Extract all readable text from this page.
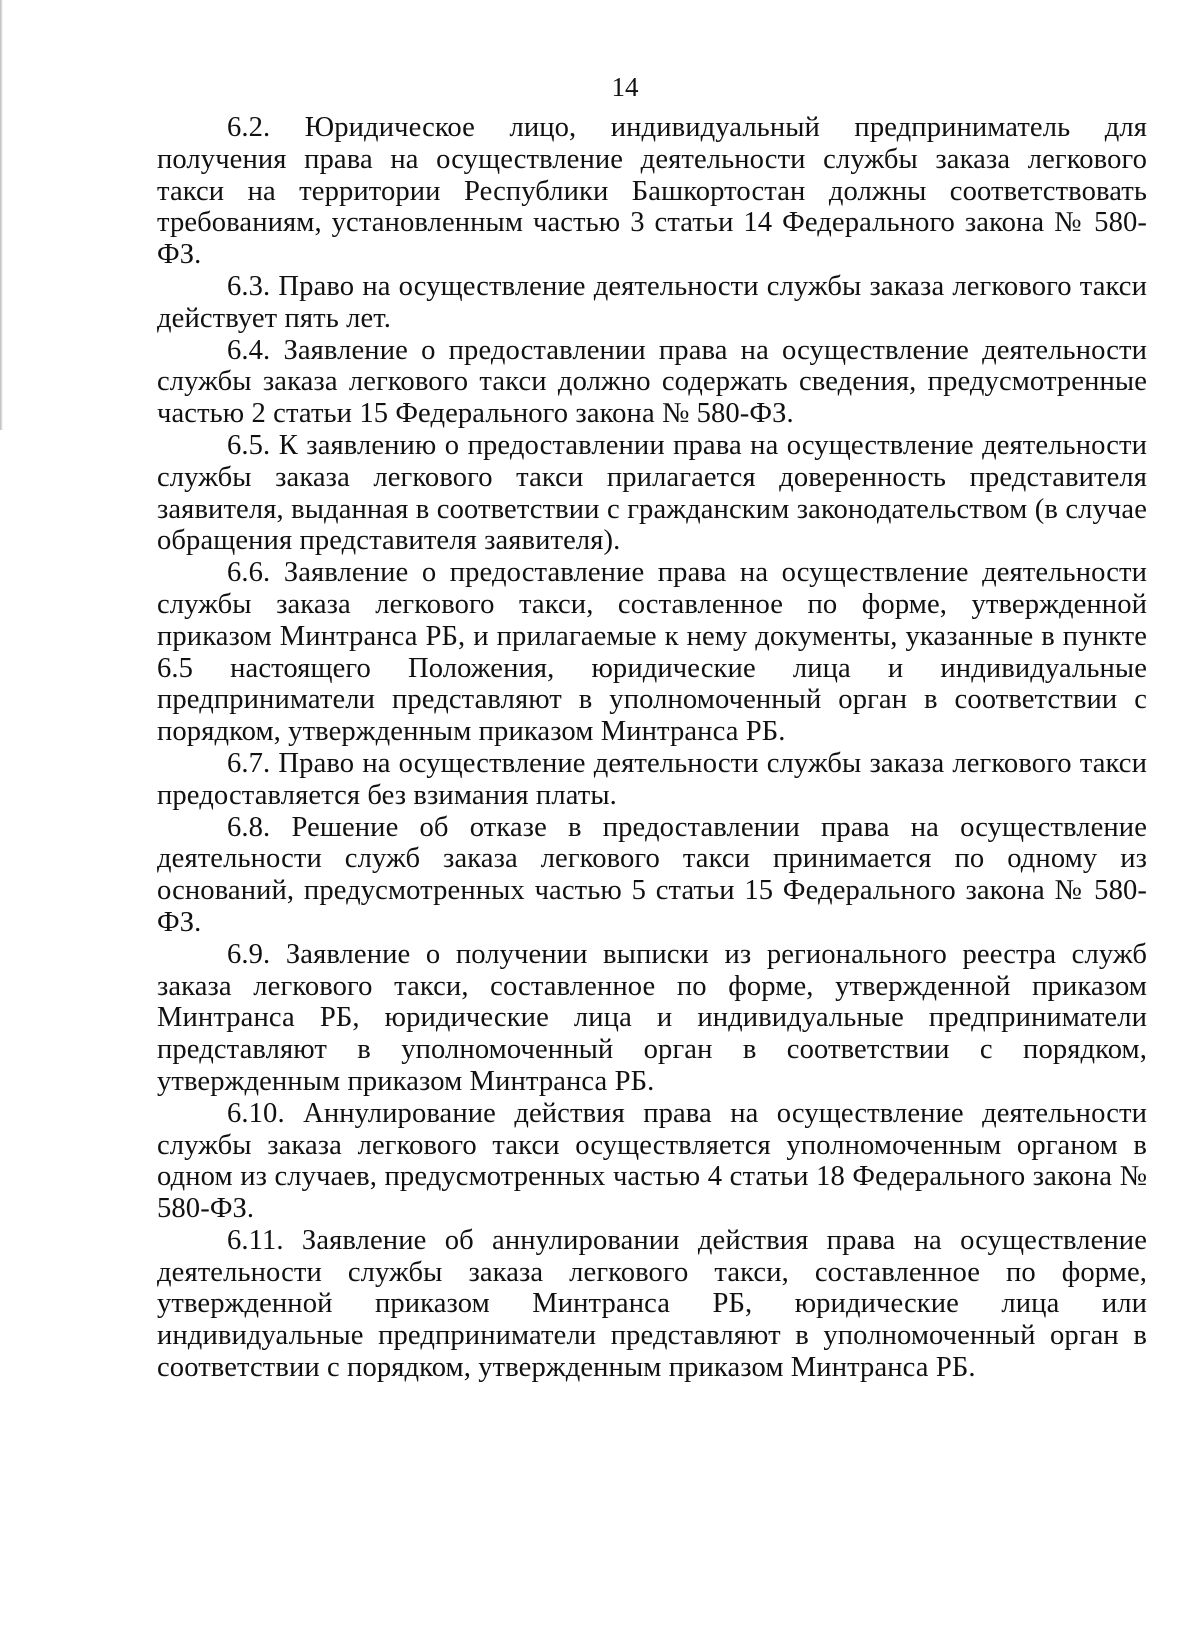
14

6.2. Юридическое лицо, индивидуальный предприниматель для получения права на осуществление деятельности службы заказа легкового такси на территории Республики Башкортостан должны соответствовать требованиям, установленным частью 3 статьи 14 Федерального закона № 580-ФЗ.

6.3. Право на осуществление деятельности службы заказа легкового такси действует пять лет.

6.4. Заявление о предоставлении права на осуществление деятельности службы заказа легкового такси должно содержать сведения, предусмотренные частью 2 статьи 15 Федерального закона № 580-ФЗ.

6.5. К заявлению о предоставлении права на осуществление деятельности службы заказа легкового такси прилагается доверенность представителя заявителя, выданная в соответствии с гражданским законодательством (в случае обращения представителя заявителя).

6.6. Заявление о предоставление права на осуществление деятельности службы заказа легкового такси, составленное по форме, утвержденной приказом Минтранса РБ, и прилагаемые к нему документы, указанные в пункте 6.5 настоящего Положения, юридические лица и индивидуальные предприниматели представляют в уполномоченный орган в соответствии с порядком, утвержденным приказом Минтранса РБ.

6.7. Право на осуществление деятельности службы заказа легкового такси предоставляется без взимания платы.

6.8. Решение об отказе в предоставлении права на осуществление деятельности служб заказа легкового такси принимается по одному из оснований, предусмотренных частью 5 статьи 15 Федерального закона № 580-ФЗ.

6.9. Заявление о получении выписки из регионального реестра служб заказа легкового такси, составленное по форме, утвержденной приказом Минтранса РБ, юридические лица и индивидуальные предприниматели представляют в уполномоченный орган в соответствии с порядком, утвержденным приказом Минтранса РБ.

6.10. Аннулирование действия права на осуществление деятельности службы заказа легкового такси осуществляется уполномоченным органом в одном из случаев, предусмотренных частью 4 статьи 18 Федерального закона № 580-ФЗ.

6.11. Заявление об аннулировании действия права на осуществление деятельности службы заказа легкового такси, составленное по форме, утвержденной приказом Минтранса РБ, юридические лица или индивидуальные предприниматели представляют в уполномоченный орган в соответствии с порядком, утвержденным приказом Минтранса РБ.
